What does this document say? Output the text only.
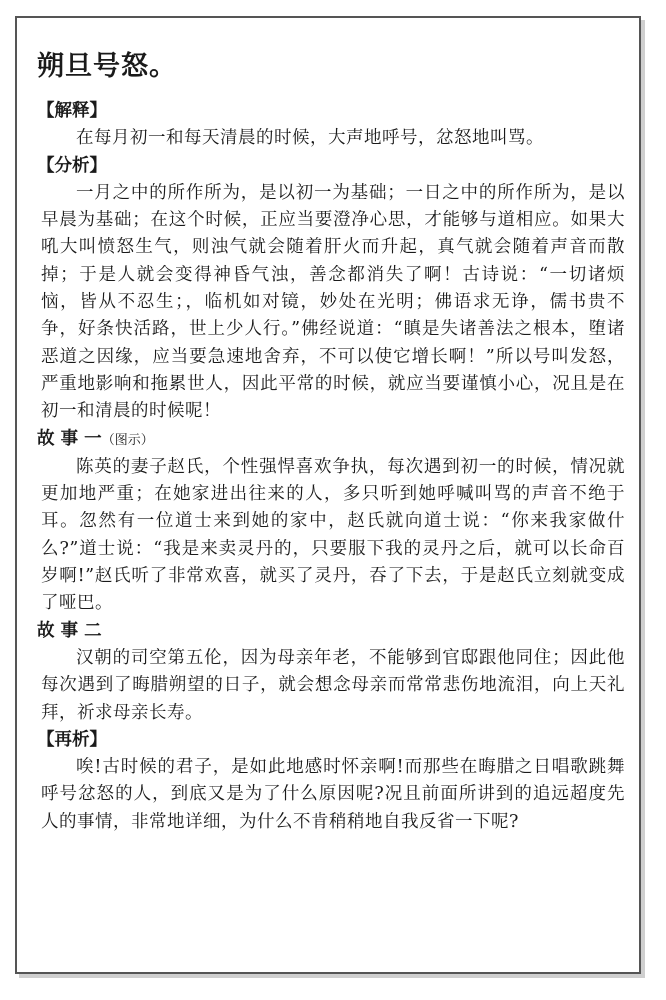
朔旦号怒。
【解释】
在每月初一和每天清晨的时候，大声地呼号，忿怒地叫骂。
【分析】
一月之中的所作所为，是以初一为基础；一日之中的所作所为，是以早晨为基础；在这个时候，正应当要澄净心思，才能够与道相应。如果大吼大叫愤怒生气，则浊气就会随着肝火而升起，真气就会随着声音而散掉；于是人就会变得神昏气浊，善念都消失了啊！古诗说：“一切诸烦恼，皆从不忍生；，临机如对镜，妙处在光明；佛语求无诤，儒书贵不争，好条快活路，世上少人行。”佛经说道：“瞋是失诸善法之根本，堕诸恶道之因缘，应当要急速地舍弃，不可以使它增长啊！”所以号叫发怒，严重地影响和拖累世人，因此平常的时候，就应当要谨慎小心，况且是在初一和清晨的时候呢！
故 事 一（图示）
陈英的妻子赵氏，个性强悍喜欢争执，每次遇到初一的时候，情况就更加地严重；在她家进出往来的人，多只听到她呼喊叫骂的声音不绝于耳。忽然有一位道士来到她的家中，赵氏就向道士说：“你来我家做什么?”道士说：“我是来卖灵丹的，只要服下我的灵丹之后，就可以长命百岁啊!”赵氏听了非常欢喜，就买了灵丹，吞了下去，于是赵氏立刻就变成了哑巴。
故 事 二
汉朝的司空第五伦，因为母亲年老，不能够到官邸跟他同住；因此他每次遇到了晦腊朔望的日子，就会想念母亲而常常悲伤地流泪，向上天礼拜，祈求母亲长寿。
【再析】
唉!古时候的君子，是如此地感时怀亲啊!而那些在晦腊之日唱歌跳舞呼号忿怒的人，到底又是为了什么原因呢?况且前面所讲到的追远超度先人的事情，非常地详细，为什么不肯稍稍地自我反省一下呢?
